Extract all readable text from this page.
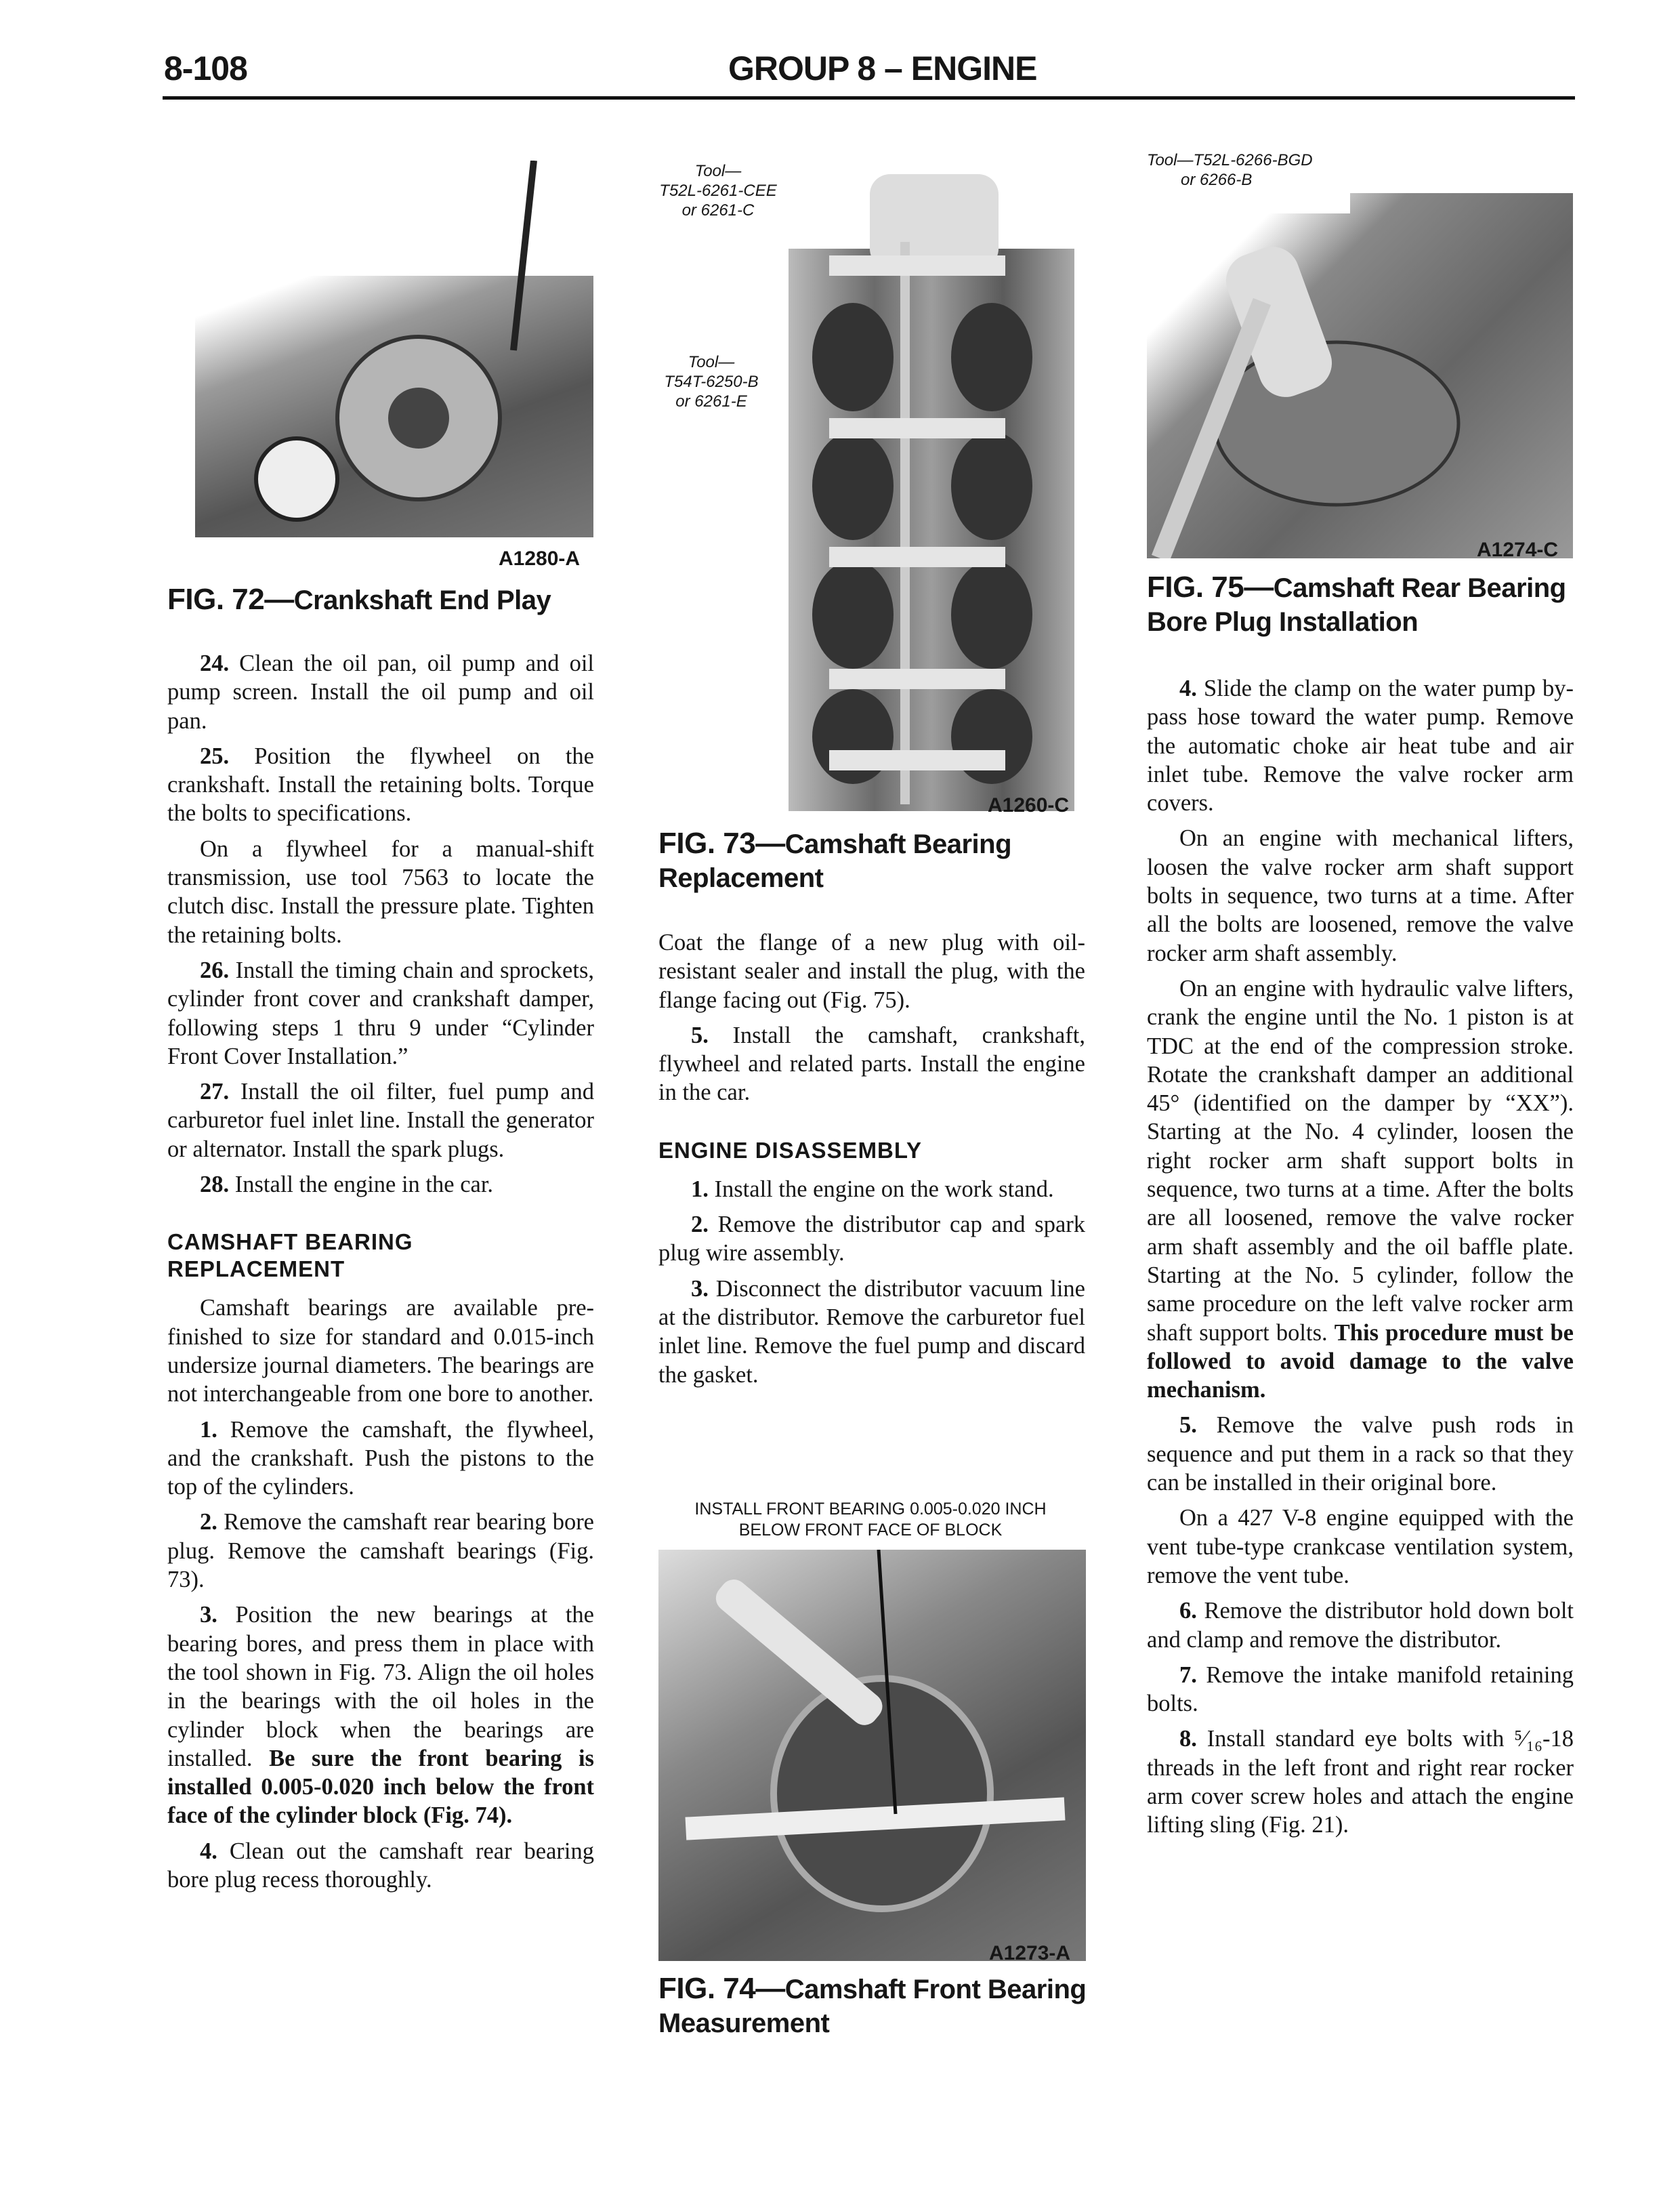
8-108	GROUP 8 – ENGINE
A1280-A
FIG. 72—Crankshaft End Play
Tool—
T52L-6261-CEE
or 6261-C
Tool—
T54T-6250-B
or 6261-E
A1260-C
FIG. 73—Camshaft Bearing Replacement
Tool—T52L-6266-BGD
or 6266-B
A1274-C
FIG. 75—Camshaft Rear Bearing Bore Plug Installation
INSTALL FRONT BEARING 0.005-0.020 INCH
BELOW FRONT FACE OF BLOCK
A1273-A
FIG. 74—Camshaft Front Bearing Measurement

24. Clean the oil pan, oil pump and oil pump screen. Install the oil pump and oil pan.

25. Position the flywheel on the crankshaft. Install the retaining bolts. Torque the bolts to specifications.

On a flywheel for a manual-shift transmission, use tool 7563 to locate the clutch disc. Install the pressure plate. Tighten the retaining bolts.

26. Install the timing chain and sprockets, cylinder front cover and crankshaft damper, following steps 1 thru 9 under “Cylinder Front Cover Installation.”

27. Install the oil filter, fuel pump and carburetor fuel inlet line. Install the generator or alternator. Install the spark plugs.

28. Install the engine in the car.

CAMSHAFT BEARING REPLACEMENT

Camshaft bearings are available pre-finished to size for standard and 0.015-inch undersize journal diameters. The bearings are not interchangeable from one bore to another.

1. Remove the camshaft, the flywheel, and the crankshaft. Push the pistons to the top of the cylinders.

2. Remove the camshaft rear bearing bore plug. Remove the camshaft bearings (Fig. 73).

3. Position the new bearings at the bearing bores, and press them in place with the tool shown in Fig. 73. Align the oil holes in the bearings with the oil holes in the cylinder block when the bearings are installed. Be sure the front bearing is installed 0.005-0.020 inch below the front face of the cylinder block (Fig. 74).

4. Clean out the camshaft rear bearing bore plug recess thoroughly.

Coat the flange of a new plug with oil-resistant sealer and install the plug, with the flange facing out (Fig. 75).

5. Install the camshaft, crankshaft, flywheel and related parts. Install the engine in the car.

ENGINE DISASSEMBLY

1. Install the engine on the work stand.

2. Remove the distributor cap and spark plug wire assembly.

3. Disconnect the distributor vacuum line at the distributor. Remove the carburetor fuel inlet line. Remove the fuel pump and discard the gasket.

4. Slide the clamp on the water pump by-pass hose toward the water pump. Remove the automatic choke air heat tube and air inlet tube. Remove the valve rocker arm covers.

On an engine with mechanical lifters, loosen the valve rocker arm shaft support bolts in sequence, two turns at a time. After all the bolts are loosened, remove the valve rocker arm shaft assembly.

On an engine with hydraulic valve lifters, crank the engine until the No. 1 piston is at TDC at the end of the compression stroke. Rotate the crankshaft damper an additional 45° (identified on the damper by “XX”). Starting at the No. 4 cylinder, loosen the right rocker arm shaft support bolts in sequence, two turns at a time. After the bolts are all loosened, remove the valve rocker arm shaft assembly and the oil baffle plate. Starting at the No. 5 cylinder, follow the same procedure on the left valve rocker arm shaft support bolts. This procedure must be followed to avoid damage to the valve mechanism.

5. Remove the valve push rods in sequence and put them in a rack so that they can be installed in their original bore.

On a 427 V-8 engine equipped with the vent tube-type crankcase ventilation system, remove the vent tube.

6. Remove the distributor hold down bolt and clamp and remove the distributor.

7. Remove the intake manifold retaining bolts.

8. Install standard eye bolts with ⁵⁄₁₆-18 threads in the left front and right rear rocker arm cover screw holes and attach the engine lifting sling (Fig. 21).
